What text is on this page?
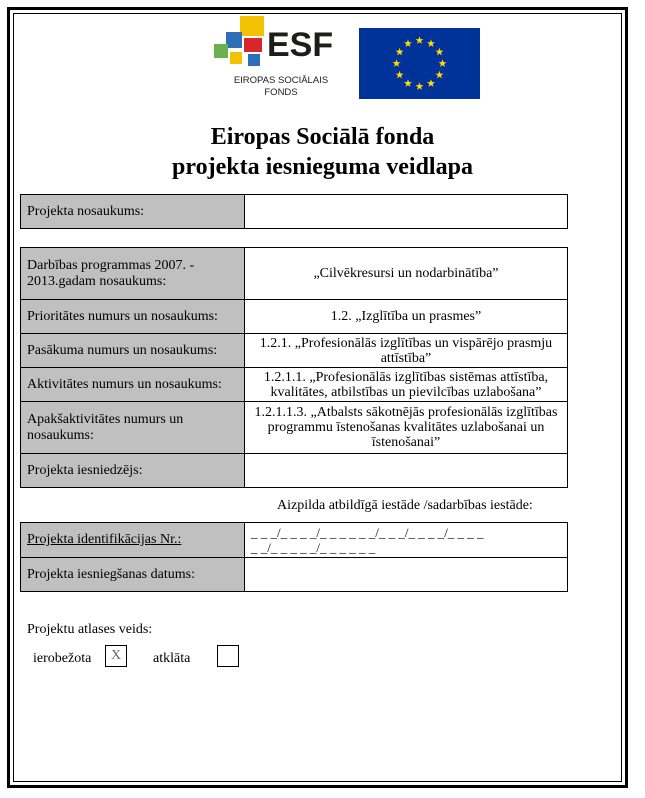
ESF
EIROPAS SOCIĀLAIS
FONDS
Eiropas Sociālā fonda
projekta iesnieguma veidlapa
Projekta nosaukums:	
Darbības programmas 2007. - 2013.gadam nosaukums:	„Cilvēkresursi un nodarbinātība”
Prioritātes numurs un nosaukums:	1.2. „Izglītība un prasmes”
Pasākuma numurs un nosaukums:	1.2.1. „Profesionālās izglītības un vispārējo prasmju attīstība”
Aktivitātes numurs un nosaukums:	1.2.1.1. „Profesionālās izglītības sistēmas attīstība, kvalitātes, atbilstības un pievilcības uzlabošana”
Apakšaktivitātes numurs un nosaukums:	1.2.1.1.3. „Atbalsts sākotnējās profesionālās izglītības programmu īstenošanas kvalitātes uzlabošanai un īstenošanai”
Projekta iesniedzējs:	
Aizpilda atbildīgā iestāde /sadarbības iestāde:
Projekta identifikācijas Nr.:	_ _ _/_ _ _ _/_ _ _ _ _ _/_ _ _/_ _ _ _/_ _ _ _
_ _/_ _ _ _ _/_ _ _ _ _ _
Projekta iesniegšanas datums:	
Projektu atlases veids:
ierobežota	X	atklāta
